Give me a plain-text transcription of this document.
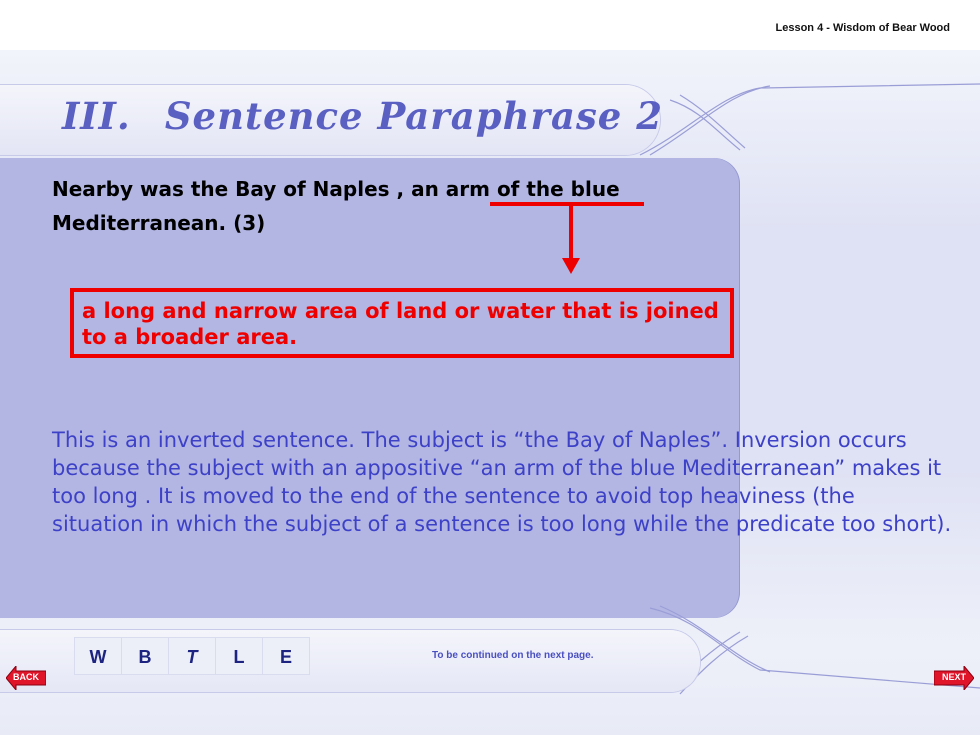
Lesson 4 - Wisdom of Bear Wood
III. Sentence Paraphrase 2
Nearby was the Bay of Naples , an arm of the blue Mediterranean. (3)
a long and narrow area of land or water that is joined to a broader area.
This is an inverted sentence. The subject is “the Bay of Naples”. Inversion occurs because the subject with an appositive “an arm of the blue Mediterranean” makes it too long . It is moved to the end of the sentence to avoid top heaviness (the situation in which the subject of a sentence is too long while the predicate too short).
W	B	T	L	E	To be continued on the next page.
BACK	NEXT
